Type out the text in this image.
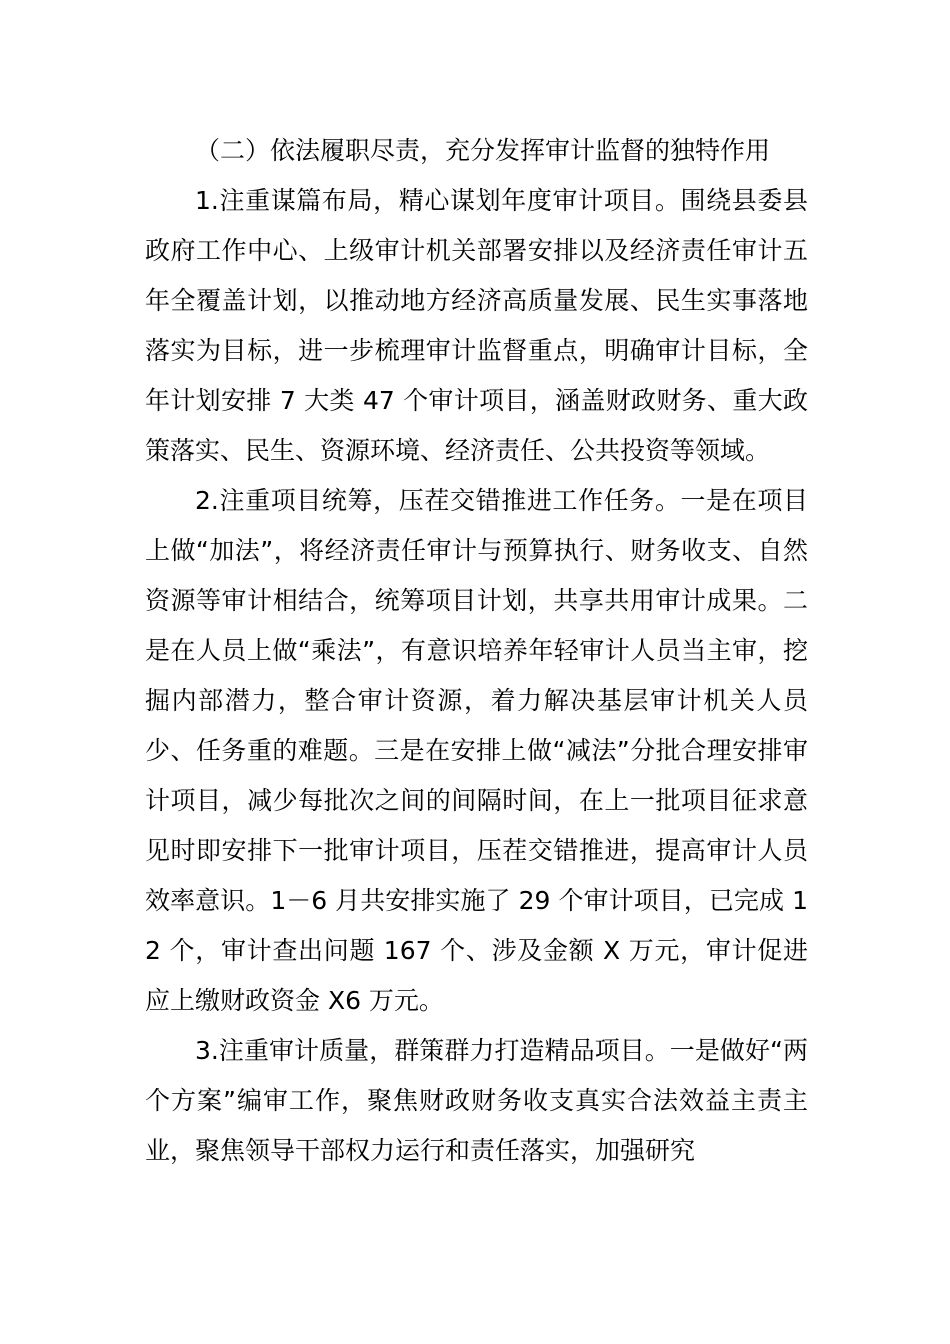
（二）依法履职尽责，充分发挥审计监督的独特作用

1.注重谋篇布局，精心谋划年度审计项目。围绕县委县政府工作中心、上级审计机关部署安排以及经济责任审计五年全覆盖计划，以推动地方经济高质量发展、民生实事落地落实为目标，进一步梳理审计监督重点，明确审计目标，全年计划安排 7 大类 47 个审计项目，涵盖财政财务、重大政策落实、民生、资源环境、经济责任、公共投资等领域。

2.注重项目统筹，压茬交错推进工作任务。一是在项目上做“加法”，将经济责任审计与预算执行、财务收支、自然资源等审计相结合，统筹项目计划，共享共用审计成果。二是在人员上做“乘法”，有意识培养年轻审计人员当主审，挖掘内部潜力，整合审计资源，着力解决基层审计机关人员少、任务重的难题。三是在安排上做“减法”分批合理安排审计项目，减少每批次之间的间隔时间，在上一批项目征求意见时即安排下一批审计项目，压茬交错推进，提高审计人员效率意识。1－6 月共安排实施了 29 个审计项目，已完成 12 个，审计查出问题 167 个、涉及金额 X 万元，审计促进应上缴财政资金 X6 万元。

3.注重审计质量，群策群力打造精品项目。一是做好“两个方案”编审工作，聚焦财政财务收支真实合法效益主责主业，聚焦领导干部权力运行和责任落实，加强研究
